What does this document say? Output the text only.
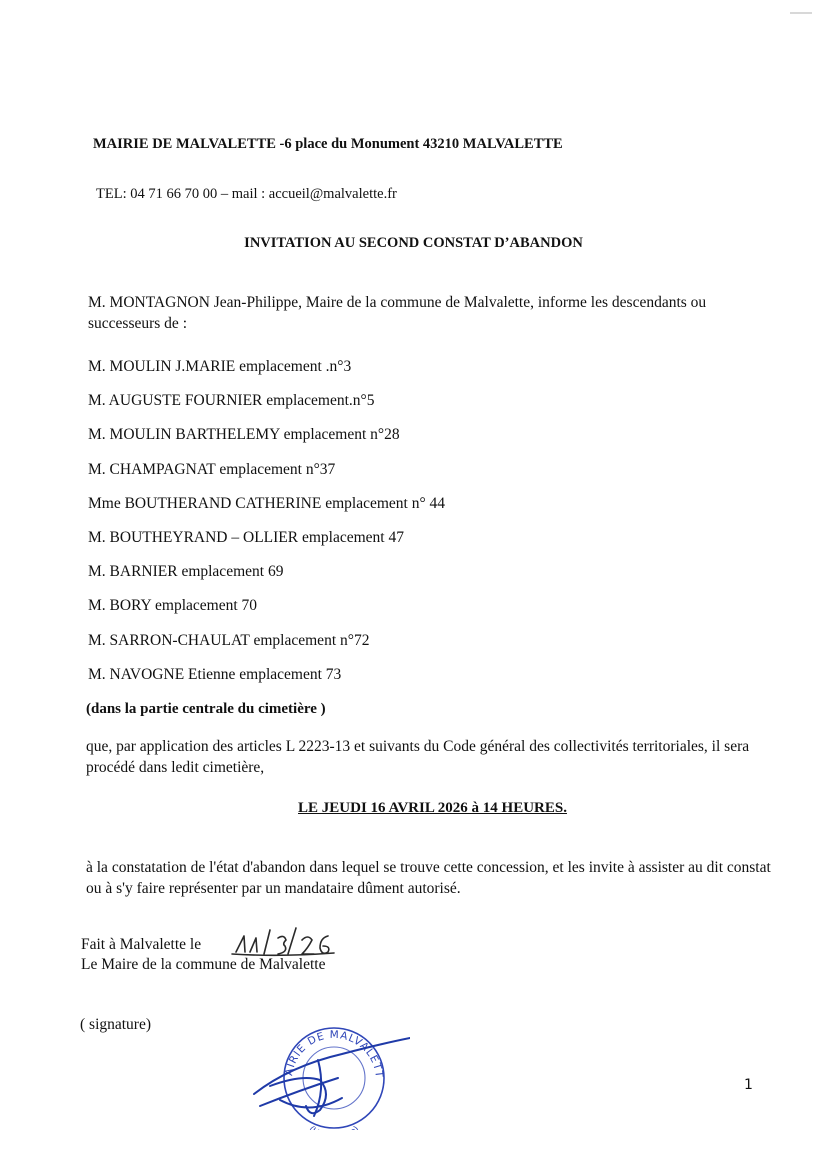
MAIRIE DE MALVALETTE -6 place du Monument 43210 MALVALETTE
TEL: 04 71 66 70 00 – mail : accueil@malvalette.fr
INVITATION AU SECOND CONSTAT D’ABANDON
M. MONTAGNON Jean-Philippe, Maire de la commune de Malvalette, informe les descendants ou successeurs de :
M. MOULIN J.MARIE emplacement .n°3
M. AUGUSTE FOURNIER emplacement.n°5
M. MOULIN BARTHELEMY emplacement n°28
M. CHAMPAGNAT emplacement n°37
Mme BOUTHERAND CATHERINE emplacement n° 44
M. BOUTHEYRAND – OLLIER emplacement 47
M. BARNIER emplacement 69
M. BORY emplacement 70
M. SARRON-CHAULAT emplacement n°72
M. NAVOGNE Etienne emplacement 73
(dans la partie centrale du cimetière )
que, par application des articles L 2223-13 et suivants du Code général des collectivités territoriales, il sera procédé dans ledit cimetière,
LE JEUDI 16 AVRIL 2026 à 14 HEURES.
à la constatation de l'état d'abandon dans lequel se trouve cette concession, et les invite à assister au dit constat ou à s'y faire représenter par un mandataire dûment autorisé.
Fait à Malvalette le
Le Maire de la commune de Malvalette
( signature)
1
